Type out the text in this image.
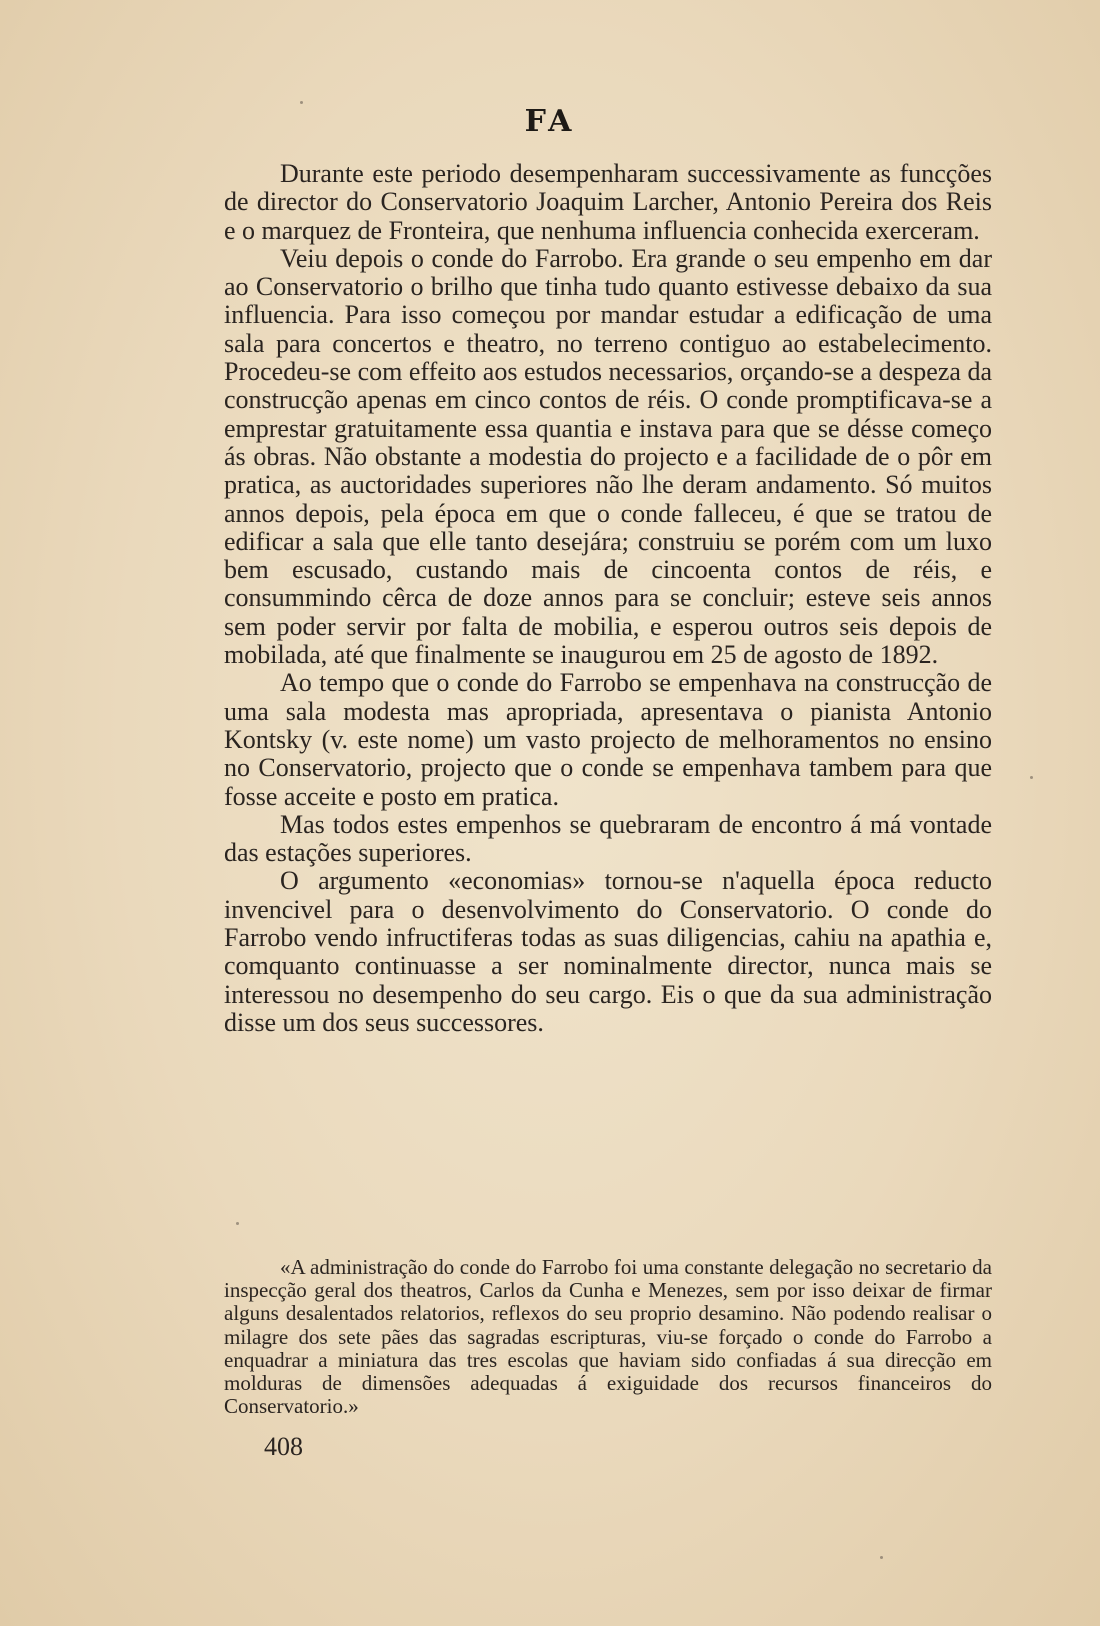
FA

Durante este periodo desempenharam successivamente as funcções de director do Conservatorio Joaquim Larcher, Antonio Pereira dos Reis e o marquez de Fronteira, que nenhuma influencia conhecida exerceram.

Veiu depois o conde do Farrobo. Era grande o seu empenho em dar ao Conservatorio o brilho que tinha tudo quanto estivesse debaixo da sua influencia. Para isso começou por mandar estudar a edificação de uma sala para concertos e theatro, no terreno contiguo ao estabelecimento. Procedeu-se com effeito aos estudos necessarios, orçando-se a despeza da construcção apenas em cinco contos de réis. O conde promptificava-se a emprestar gratuitamente essa quantia e instava para que se désse começo ás obras. Não obstante a modestia do projecto e a facilidade de o pôr em pratica, as auctoridades superiores não lhe deram andamento. Só muitos annos depois, pela época em que o conde falleceu, é que se tratou de edificar a sala que elle tanto desejára; construiu se porém com um luxo bem escusado, custando mais de cincoenta contos de réis, e consummindo cêrca de doze annos para se concluir; esteve seis annos sem poder servir por falta de mobilia, e esperou outros seis depois de mobilada, até que finalmente se inaugurou em 25 de agosto de 1892.

Ao tempo que o conde do Farrobo se empenhava na construcção de uma sala modesta mas apropriada, apresentava o pianista Antonio Kontsky (v. este nome) um vasto projecto de melhoramentos no ensino no Conservatorio, projecto que o conde se empenhava tambem para que fosse acceite e posto em pratica.

Mas todos estes empenhos se quebraram de encontro á má vontade das estações superiores.

O argumento «economias» tornou-se n'aquella época reducto invencivel para o desenvolvimento do Conservatorio. O conde do Farrobo vendo infructiferas todas as suas diligencias, cahiu na apathia e, comquanto continuasse a ser nominalmente director, nunca mais se interessou no desempenho do seu cargo. Eis o que da sua administração disse um dos seus successores.

«A administração do conde do Farrobo foi uma constante delegação no secretario da inspecção geral dos theatros, Carlos da Cunha e Menezes, sem por isso deixar de firmar alguns desalentados relatorios, reflexos do seu proprio desamino. Não podendo realisar o milagre dos sete pães das sagradas escripturas, viu-se forçado o conde do Farrobo a enquadrar a miniatura das tres escolas que haviam sido confiadas á sua direcção em molduras de dimensões adequadas á exiguidade dos recursos financeiros do Conservatorio.»

408
